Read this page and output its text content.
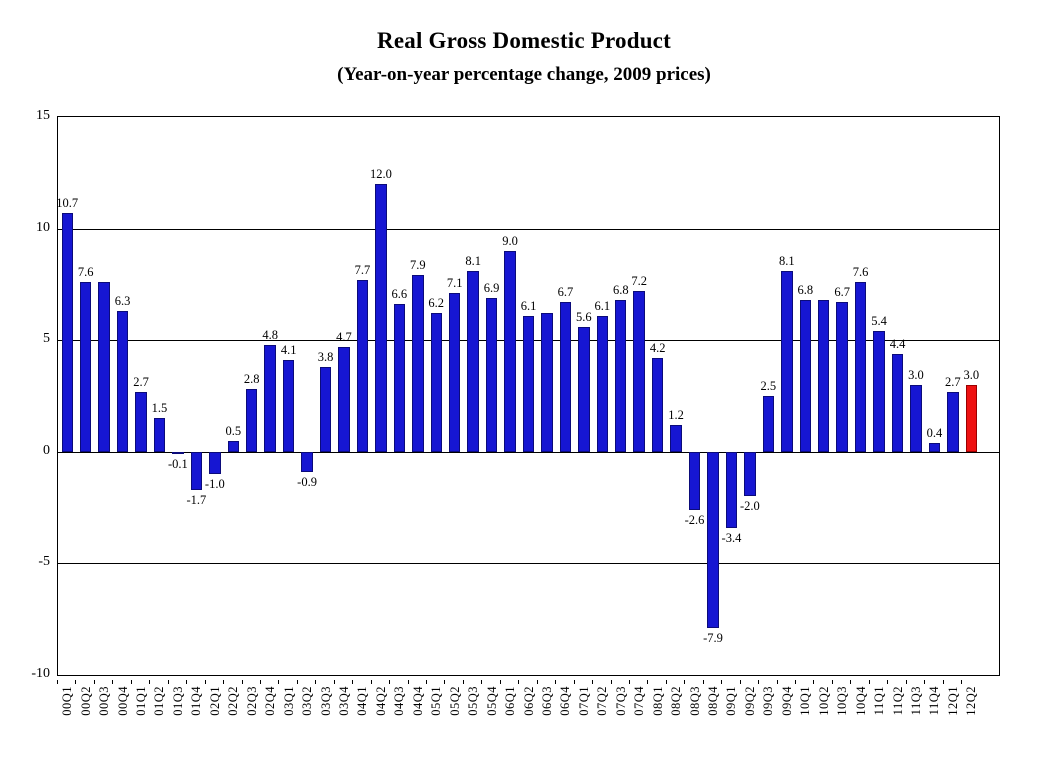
Real Gross Domestic Product
(Year-on-year percentage change, 2009 prices)
15
10
5
0
-5
-10
10.7
7.6
6.3
2.7
1.5
-0.1
-1.7
-1.0
0.5
2.8
4.8
4.1
-0.9
3.8
4.7
7.7
12.0
6.6
7.9
6.2
7.1
8.1
6.9
9.0
6.1
6.7
5.6
6.1
6.8
7.2
4.2
1.2
-2.6
-7.9
-3.4
-2.0
2.5
8.1
6.8 6.7
7.6
5.4
4.4
3.0
0.4
2.7 3.0
00Q1 00Q2 00Q3 00Q4 01Q1 01Q2 01Q3 01Q4 02Q1 02Q2 02Q3 02Q4 03Q1 03Q2 03Q3 03Q4 04Q1 04Q2 04Q3 04Q4 05Q1 05Q2 05Q3 05Q4 06Q1 06Q2 06Q3 06Q4 07Q1 07Q2 07Q3 07Q4 08Q1 08Q2 08Q3 08Q4 09Q1 09Q2 09Q3 09Q4 10Q1 10Q2 10Q3 10Q4 11Q1 11Q2 11Q3 11Q4 12Q1 12Q2
